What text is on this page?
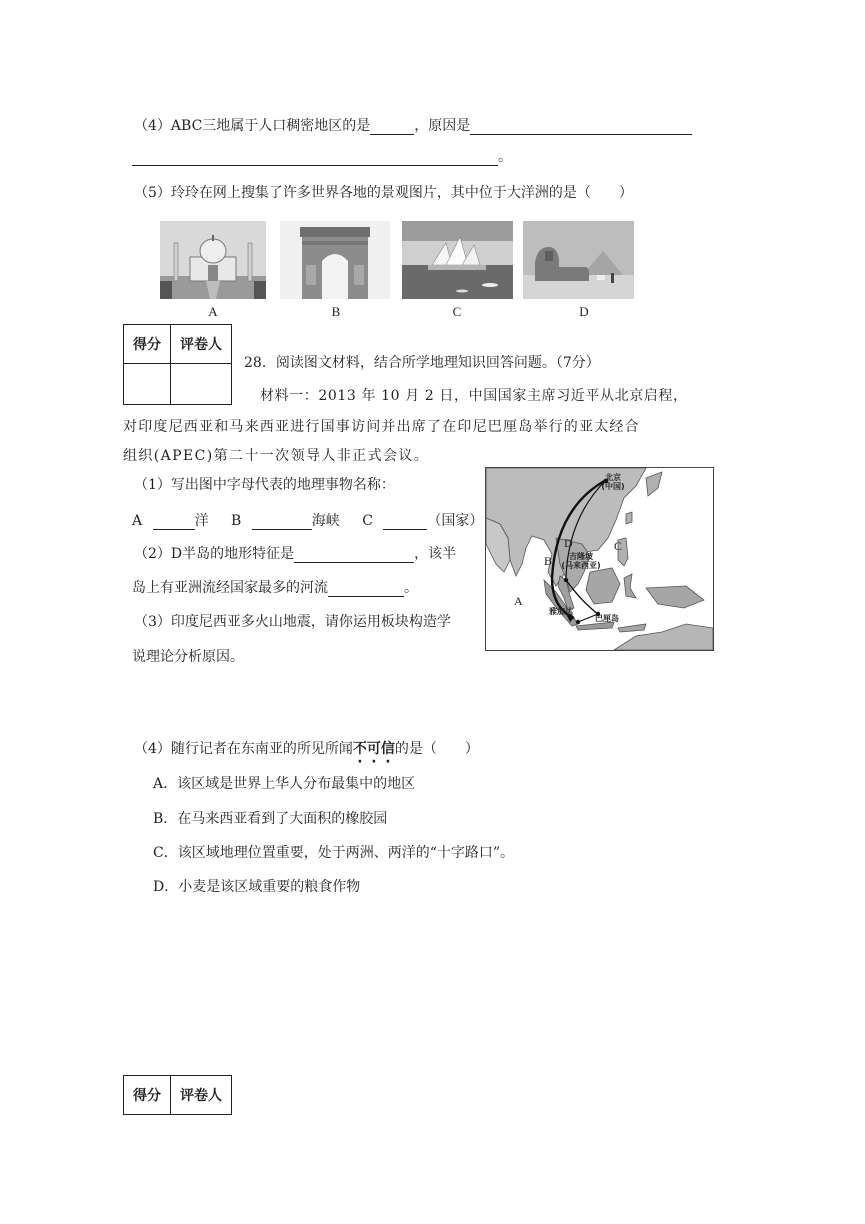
（4）ABC三地属于人口稠密地区的是	，原因是
。
（5）玲玲在网上搜集了许多世界各地的景观图片，其中位于大洋洲的是（　　）
A	B	C	D
得分	评卷人

28．阅读图文材料，结合所学地理知识回答问题。（7分）
材料一：2013 年 10 月 2 日，中国国家主席习近平从北京启程，
对印度尼西亚和马来西亚进行国事访问并出席了在印尼巴厘岛举行的亚太经合
组织(APEC)第二十一次领导人非正式会议。
（1）写出图中字母代表的地理事物名称：
A	洋 B	海峡 C	（国家）
（2）D半岛的地形特征是	，该半
岛上有亚洲流经国家最多的河流	。
（3）印度尼西亚多火山地震，请你运用板块构造学
说理论分析原因。
北京
(中国)
吉隆坡
(马来西亚)
雅加达
巴厘岛
A
B
C
D
（4）随行记者在东南亚的所见所闻不可信的是（　　）
A．该区域是世界上华人分布最集中的地区
B．在马来西亚看到了大面积的橡胶园
C．该区域地理位置重要，处于两洲、两洋的“十字路口”。
D．小麦是该区域重要的粮食作物
得分	评卷人
